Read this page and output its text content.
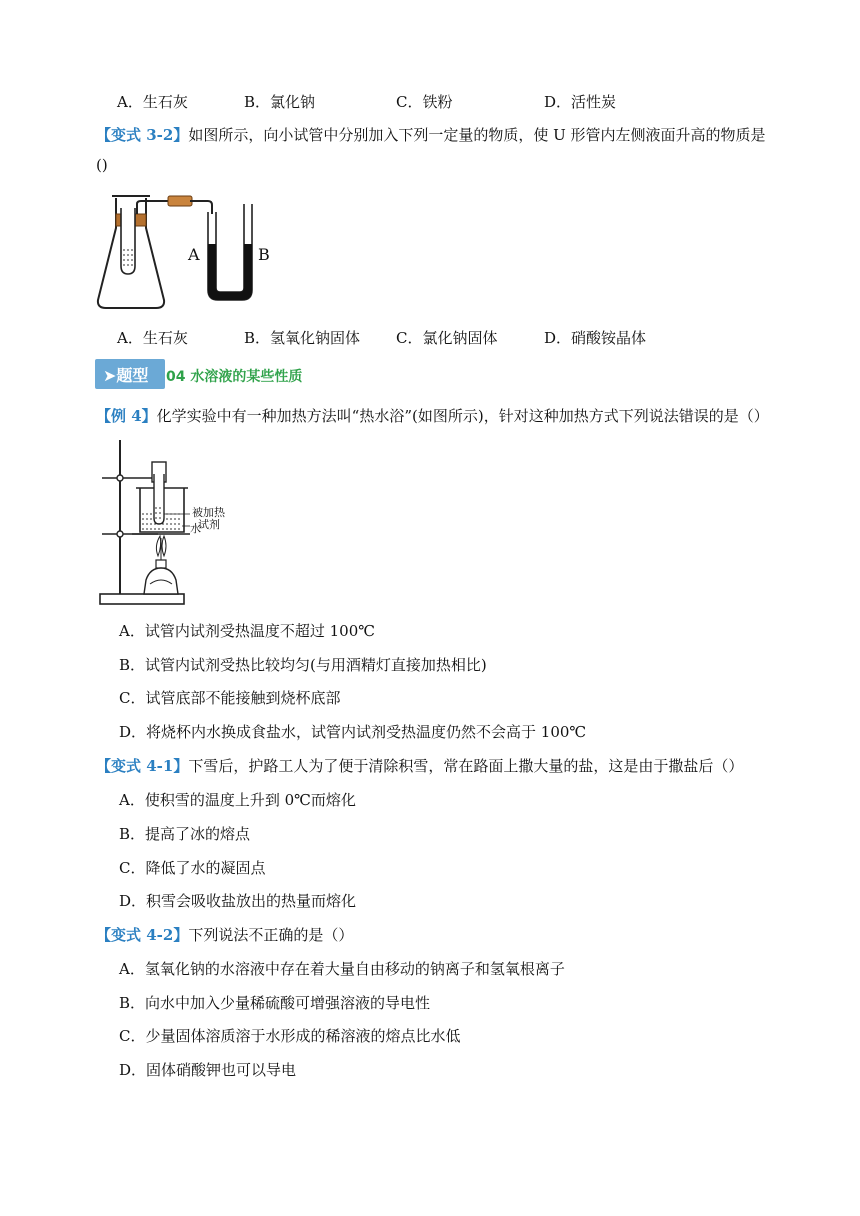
A．生石灰	B．氯化钠	C．铁粉	D．活性炭
【变式 3-2】如图所示，向小试管中分别加入下列一定量的物质，使 U 形管内左侧液面升高的物质是
()
A	B
A．生石灰	B．氢氧化钠固体 C．氯化钠固体	D．硝酸铵晶体
➤题型 04 水溶液的某些性质
【例 4】化学实验中有一种加热方法叫“热水浴”(如图所示)，针对这种加热方式下列说法错误的是（）
被加热
试剂
水
A．试管内试剂受热温度不超过 100℃
B．试管内试剂受热比较均匀(与用酒精灯直接加热相比)
C．试管底部不能接触到烧杯底部
D．将烧杯内水换成食盐水，试管内试剂受热温度仍然不会高于 100℃
【变式 4-1】下雪后，护路工人为了便于清除积雪，常在路面上撒大量的盐，这是由于撒盐后（）
A．使积雪的温度上升到 0℃而熔化
B．提高了冰的熔点
C．降低了水的凝固点
D．积雪会吸收盐放出的热量而熔化
【变式 4-2】下列说法不正确的是（）
A．氢氧化钠的水溶液中存在着大量自由移动的钠离子和氢氧根离子
B．向水中加入少量稀硫酸可增强溶液的导电性
C．少量固体溶质溶于水形成的稀溶液的熔点比水低
D．固体硝酸钾也可以导电
